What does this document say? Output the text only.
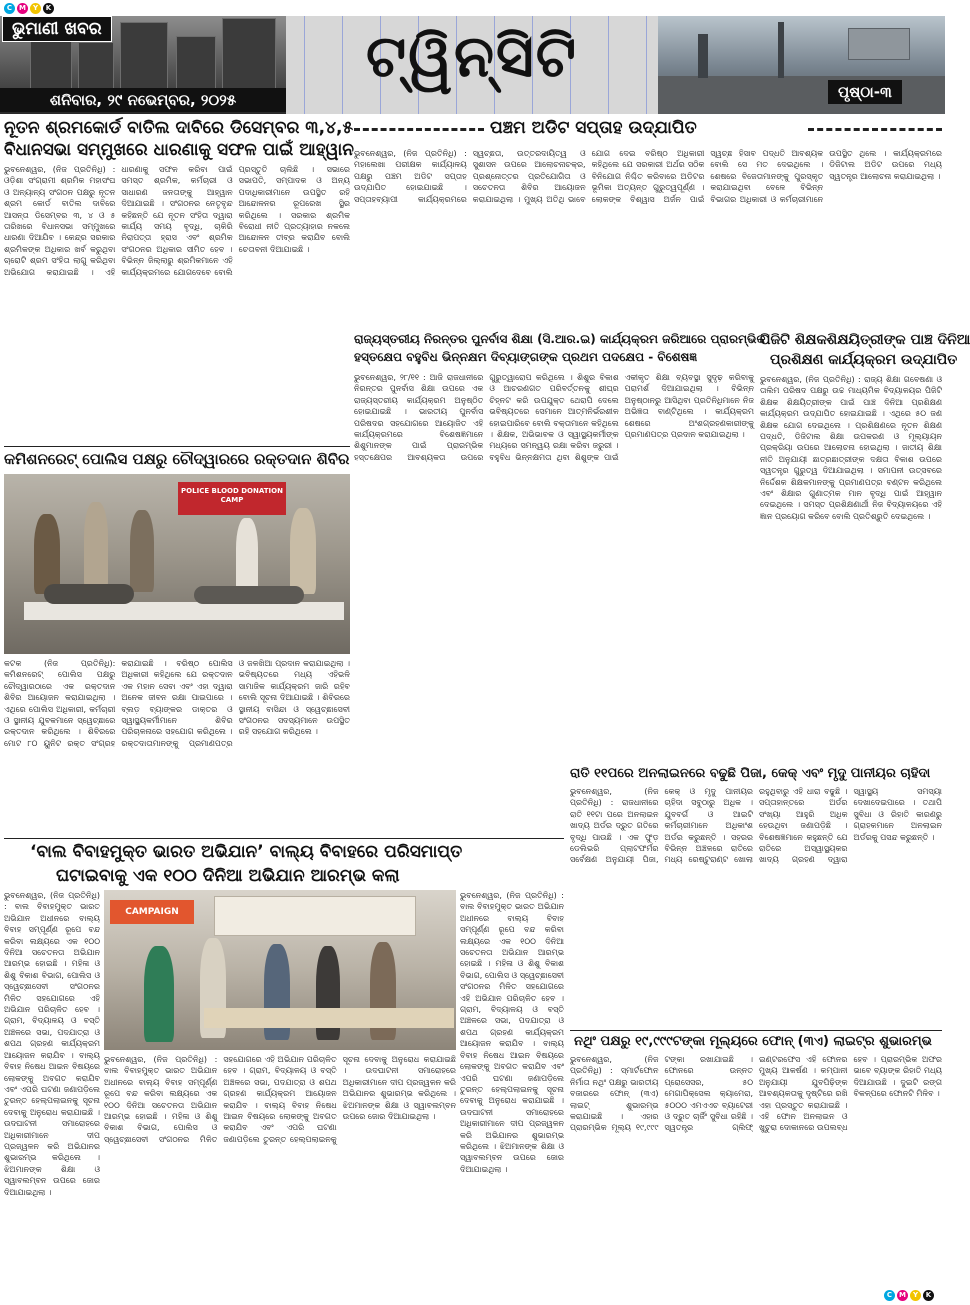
C M Y	K
ଭୁମାଣୀ ଖବର
ଶନିବାର, ୨୯ ନଭେମ୍ବର, ୨୦୨୫
ଟ୍ୱିନ୍‌ସିଟି
ପୃଷ୍ଠା-୩
ନୂତନ ଶ୍ରମକୋର୍ଡ ବାତିଲ ଦାବିରେ ଡିସେମ୍ବର ୩,୪,୫
ବିଧାନସଭା ସମ୍ମୁଖରେ ଧାରଣାକୁ ସଫଳ ପାଇଁ ଆହ୍ୱାନ
ଭୁବନେଶ୍ୱର, (ନିଜ ପ୍ରତିନିଧି) : ଓଡ଼ିଶା ସଂଗ୍ରାମୀ ଶ୍ରମିକ ମହାସଂଘ ଓ ଅନ୍ୟାନ୍ୟ ସଂଗଠନ ପକ୍ଷରୁ ନୂତନ ଶ୍ରମ କୋର୍ଡ ବାତିଲ ଦାବିରେ ଆସନ୍ତା ଡିସେମ୍ବର ୩, ୪ ଓ ୫ ତାରିଖରେ ବିଧାନସଭା ସମ୍ମୁଖରେ ଧାରଣା ଦିଆଯିବ । କେନ୍ଦ୍ର ସରକାର ଶ୍ରମିକଙ୍କ ଅଧିକାର ଖର୍ବ କରୁଥିବା ଚାରୋଟି ଶ୍ରମ ସଂହିତା ଲାଗୁ କରିଥିବା ଅଭିଯୋଗ କରାଯାଇଛି । ଏହି ଧାରଣାକୁ ସଫଳ କରିବା ପାଇଁ ସମସ୍ତ ଶ୍ରମିକ, କର୍ମଚାରୀ ଓ ସାଧାରଣ ଜନତାଙ୍କୁ ଆହ୍ୱାନ ଦିଆଯାଇଛି । ସଂଗଠନର ନେତୃବୃନ୍ଦ କହିଛନ୍ତି ଯେ ନୂତନ ସଂହିତା ଦ୍ୱାରା କାର୍ଯ୍ୟ ସମୟ ବୃଦ୍ଧି, ଚାକିରି ନିରାପତ୍ତା ହ୍ରାସ ଏବଂ ଶ୍ରମିକ ସଂଗଠନର ଅଧିକାର ସୀମିତ ହେବ । ବିଭିନ୍ନ ଜିଲ୍ଲାରୁ ଶ୍ରମିକମାନେ ଏହି କାର୍ଯ୍ୟକ୍ରମରେ ଯୋଗଦେବେ ବୋଲି ପ୍ରସ୍ତୁତି ଚାଲିଛି । ସଭାରେ ସଭାପତି, ସମ୍ପାଦକ ଓ ଅନ୍ୟ ପଦାଧିକାରୀମାନେ ଉପସ୍ଥିତ ରହି ଆନ୍ଦୋଳନର ରୂପରେଖ ସ୍ଥିର କରିଥିଲେ । ସରକାର ଶ୍ରମିକ ବିରୋଧୀ ନୀତି ପ୍ରତ୍ୟାହାର ନକଲେ ଆନ୍ଦୋଳନ ତୀବ୍ର କରାଯିବ ବୋଲି ଚେତାବନୀ ଦିଆଯାଇଛି ।
ପଞ୍ଚମ ଅଡିଟ ସପ୍ତାହ ଉଦ୍‌ଯାପିତ
ଭୁବନେଶ୍ୱର, (ନିଜ ପ୍ରତିନିଧି) : ମହାଲେଖା ପରୀକ୍ଷକ କାର୍ଯ୍ୟାଳୟ ପକ୍ଷରୁ ପଞ୍ଚମ ଅଡିଟ ସପ୍ତାହ ଉଦ୍‌ଯାପିତ ହୋଇଯାଇଛି । ସପ୍ତାହବ୍ୟାପୀ କାର୍ଯ୍ୟକ୍ରମରେ ସ୍ୱଚ୍ଛତା, ଉତ୍ତରଦାୟିତ୍ୱ ଓ ସୁଶାସନ ଉପରେ ଆଲୋଚନାଚକ୍ର, ପ୍ରଶ୍ନୋତ୍ତର ପ୍ରତିଯୋଗିତା ଓ ସଚେତନତା ଶିବିର ଆୟୋଜନ କରାଯାଇଥିଲା । ମୁଖ୍ୟ ଅତିଥି ଭାବେ ଯୋଗ ଦେଇ ବରିଷ୍ଠ ଅଧିକାରୀ କହିଥିଲେ ଯେ ସରକାରୀ ଅର୍ଥର ସଠିକ ବିନିଯୋଗ ନିଶ୍ଚିତ କରିବାରେ ଅଡିଟର ଭୂମିକା ଅତ୍ୟନ୍ତ ଗୁରୁତ୍ୱପୂର୍ଣ୍ଣ । ଲୋକଙ୍କ ବିଶ୍ୱାସ ଅର୍ଜନ ପାଇଁ ସ୍ୱଚ୍ଛ ହିସାବ ପଦ୍ଧତି ଆବଶ୍ୟକ ବୋଲି ସେ ମତ ଦେଇଥିଲେ । ଶେଷରେ ବିଜେତାମାନଙ୍କୁ ପୁରସ୍କୃତ କରାଯାଇଥିବା ବେଳେ ବିଭିନ୍ନ ବିଭାଗର ଅଧିକାରୀ ଓ କର୍ମଚାରୀମାନେ ଉପସ୍ଥିତ ଥିଲେ । କାର୍ଯ୍ୟକ୍ରମରେ ଡିଜିଟାଲ ଅଡିଟ ଉପରେ ମଧ୍ୟ ସ୍ୱତନ୍ତ୍ର ଆଲୋଚନା କରାଯାଇଥିଲା ।
ରାଜ୍ୟସ୍ତରୀୟ ନିରନ୍ତର ପୁନର୍ବାସ ଶିକ୍ଷା (ସି.ଆର.ଇ) କାର୍ଯ୍ୟକ୍ରମ ଜରିଆରେ ପ୍ରାରମ୍ଭିକ
ହସ୍ତକ୍ଷେପ ବହୁବିଧ ଭିନ୍ନକ୍ଷମ ଦିବ୍ୟାଙ୍ଗଙ୍କ ପ୍ରଥମ ପଦକ୍ଷେପ - ବିଶେଷଜ୍ଞ
ଭୁବନେଶ୍ୱର, ୨୮/୧୧ : ଆଜି ରାଜଧାନୀରେ ନିରନ୍ତର ପୁନର୍ବାସ ଶିକ୍ଷା ଉପରେ ଏକ ରାଜ୍ୟସ୍ତରୀୟ କାର୍ଯ୍ୟକ୍ରମ ଅନୁଷ୍ଠିତ ହୋଇଯାଇଛି । ଭାରତୀୟ ପୁନର୍ବାସ ପରିଷଦର ସହଯୋଗରେ ଆୟୋଜିତ ଏହି କାର୍ଯ୍ୟକ୍ରମରେ ବିଶେଷଜ୍ଞମାନେ ଶିଶୁମାନଙ୍କ ପାଇଁ ପ୍ରାରମ୍ଭିକ ହସ୍ତକ୍ଷେପର ଆବଶ୍ୟକତା ଉପରେ ଗୁରୁତ୍ୱାରୋପ କରିଥିଲେ । ଶିଶୁର ବିକାଶ ଓ ଆଚରଣଗତ ପରିବର୍ତ୍ତନକୁ ଶୀଘ୍ର ଚିହ୍ନଟ କରି ଉପଯୁକ୍ତ ଥେରାପି ଦେଲେ ଭବିଷ୍ୟତରେ ସେମାନେ ଆତ୍ମନିର୍ଭରଶୀଳ ହୋଇପାରିବେ ବୋଲି ବକ୍ତାମାନେ କହିଥିଲେ । ଶିକ୍ଷକ, ଅଭିଭାବକ ଓ ସ୍ୱାସ୍ଥ୍ୟକର୍ମୀଙ୍କ ମଧ୍ୟରେ ସମନ୍ୱୟ ରକ୍ଷା କରିବା ଜରୁରୀ । ବହୁବିଧ ଭିନ୍ନକ୍ଷମତା ଥିବା ଶିଶୁଙ୍କ ପାଇଁ ଏକୀକୃତ ଶିକ୍ଷା ବ୍ୟବସ୍ଥା ସୁଦୃଢ଼ କରିବାକୁ ପରାମର୍ଶ ଦିଆଯାଇଥିଲା । ବିଭିନ୍ନ ଅନୁଷ୍ଠାନରୁ ଆସିଥିବା ପ୍ରତିନିଧିମାନେ ନିଜ ଅଭିଜ୍ଞତା ବାଣ୍ଟିଥିଲେ । କାର୍ଯ୍ୟକ୍ରମ ଶେଷରେ ଅଂଶଗ୍ରହଣକାରୀଙ୍କୁ ପ୍ରମାଣପତ୍ର ପ୍ରଦାନ କରାଯାଇଥିଲା ।
ପିଜିଟି ଶିକ୍ଷକଶିକ୍ଷୟିତ୍ରୀଙ୍କ ପାଞ୍ଚ ଦିନିଆ
ପ୍ରଶିକ୍ଷଣ କାର୍ଯ୍ୟକ୍ରମ ଉଦ୍‌ଯାପିତ
ଭୁବନେଶ୍ୱର, (ନିଜ ପ୍ରତିନିଧି) : ରାଜ୍ୟ ଶିକ୍ଷା ଗବେଷଣା ଓ ତାଲିମ ପରିଷଦ ପକ୍ଷରୁ ଉଚ୍ଚ ମାଧ୍ୟମିକ ବିଦ୍ୟାଳୟର ପିଜିଟି ଶିକ୍ଷକ ଶିକ୍ଷୟିତ୍ରୀଙ୍କ ପାଇଁ ପାଞ୍ଚ ଦିନିଆ ପ୍ରଶିକ୍ଷଣ କାର୍ଯ୍ୟକ୍ରମ ଉଦ୍‌ଯାପିତ ହୋଇଯାଇଛି । ଏଥିରେ ୫୦ ଜଣ ଶିକ୍ଷକ ଯୋଗ ଦେଇଥିଲେ । ପ୍ରଶିକ୍ଷଣରେ ନୂତନ ଶିକ୍ଷଣ ପଦ୍ଧତି, ଡିଜିଟାଲ ଶିକ୍ଷା ଉପକରଣ ଓ ମୂଲ୍ୟାୟନ ପ୍ରକ୍ରିୟା ଉପରେ ଆଲୋଚନା ହୋଇଥିଲା । ଜାତୀୟ ଶିକ୍ଷା ନୀତି ଅନୁଯାୟୀ ଛାତ୍ରଛାତ୍ରୀଙ୍କ ଦକ୍ଷତା ବିକାଶ ଉପରେ ସ୍ୱତନ୍ତ୍ର ଗୁରୁତ୍ୱ ଦିଆଯାଇଥିଲା । ସମାପନୀ ଉତ୍ସବରେ ନିର୍ଦ୍ଦେଶକ ଶିକ୍ଷକମାନଙ୍କୁ ପ୍ରମାଣପତ୍ର ବଣ୍ଟନ କରିଥିଲେ ଏବଂ ଶିକ୍ଷାର ଗୁଣାତ୍ମକ ମାନ ବୃଦ୍ଧି ପାଇଁ ଆହ୍ୱାନ ଦେଇଥିଲେ । ସମସ୍ତ ପ୍ରଶିକ୍ଷଣାର୍ଥୀ ନିଜ ବିଦ୍ୟାଳୟରେ ଏହି ଜ୍ଞାନ ପ୍ରୟୋଗ କରିବେ ବୋଲି ପ୍ରତିଶ୍ରୁତି ଦେଇଥିଲେ ।
କମିଶନରେଟ୍ ପୋଲିସ ପକ୍ଷରୁ ଚୌଦ୍ୱାରରେ ରକ୍ତଦାନ ଶିବିର
POLICE BLOOD DONATION CAMP
କଟକ (ନିଜ ପ୍ରତିନିଧି): କମିଶନରେଟ୍ ପୋଲିସ ପକ୍ଷରୁ ଚୌଦ୍ୱାରଠାରେ ଏକ ରକ୍ତଦାନ ଶିବିର ଆୟୋଜନ କରାଯାଇଥିଲା । ଏଥିରେ ପୋଲିସ ଅଧିକାରୀ, କର୍ମଚାରୀ ଓ ସ୍ଥାନୀୟ ଯୁବକମାନେ ସ୍ୱେଚ୍ଛାରେ ରକ୍ତଦାନ କରିଥିଲେ । ଶିବିରରେ ମୋଟ ୮୦ ୟୁନିଟ ରକ୍ତ ସଂଗ୍ରହ କରାଯାଇଛି । ବରିଷ୍ଠ ପୋଲିସ ଅଧିକାରୀ କହିଥିଲେ ଯେ ରକ୍ତଦାନ ଏକ ମହାନ ସେବା ଏବଂ ଏହା ଦ୍ୱାରା ଅନେକ ଜୀବନ ରକ୍ଷା ପାଇପାରେ । ବ୍ଲଡ଼ ବ୍ୟାଙ୍କର ଡାକ୍ତର ଓ ସ୍ୱାସ୍ଥ୍ୟକର୍ମୀମାନେ ଶିବିର ପରିଚାଳନାରେ ସହଯୋଗ କରିଥିଲେ । ରକ୍ତଦାତାମାନଙ୍କୁ ପ୍ରମାଣପତ୍ର ଓ ଜଳଖିଆ ପ୍ରଦାନ କରାଯାଇଥିଲା । ଭବିଷ୍ୟତରେ ମଧ୍ୟ ଏହିଭଳି ସାମାଜିକ କାର୍ଯ୍ୟକ୍ରମ ଜାରି ରହିବ ବୋଲି ସୂଚନା ଦିଆଯାଇଛି । ଶିବିରରେ ସ୍ଥାନୀୟ ବାସିନ୍ଦା ଓ ସ୍ୱେଚ୍ଛାସେବୀ ସଂଗଠନର ସଦସ୍ୟମାନେ ଉପସ୍ଥିତ ରହି ସହଯୋଗ କରିଥିଲେ ।
ରାତି ୧୧ପରେ ଅନଲାଇନରେ ବଢୁଛି ପିଜା, କେକ୍ ଏବଂ ମୃଦୁ ପାନୀୟର ଚାହିଦା
ଭୁବନେଶ୍ୱର, (ନିଜ ପ୍ରତିନିଧି) : ରାଜଧାନୀରେ ରାତି ୧୧ଟା ପରେ ଅନଲାଇନ ଖାଦ୍ୟ ଅର୍ଡର ଦ୍ରୁତ ଗତିରେ ବୃଦ୍ଧି ପାଉଛି । ଏକ ଫୁଡ଼ ଡେଲିଭରି ପ୍ଲାଟଫର୍ମର ସର୍ବେକ୍ଷଣ ଅନୁଯାୟୀ ପିଜା, କେକ୍ ଓ ମୃଦୁ ପାନୀୟର ଚାହିଦା ସବୁଠାରୁ ଅଧିକ । ଯୁବବର୍ଗ ଓ ଆଇଟି କର୍ମଚାରୀମାନେ ଅଧିକାଂଶ ଅର୍ଡର କରୁଛନ୍ତି । ସହରର ବିଭିନ୍ନ ଅଞ୍ଚଳରେ ରାତିରେ ମଧ୍ୟ ରେଷ୍ଟୁରାଣ୍ଟ ଖୋଲା ରହୁଥିବାରୁ ଏହି ଧାରା ବଢୁଛି । ସପ୍ତାହାନ୍ତରେ ଅର୍ଡର ସଂଖ୍ୟା ଆହୁରି ଅଧିକ ହେଉଥିବା ଜଣାପଡ଼ିଛି । ବିଶେଷଜ୍ଞମାନେ କହୁଛନ୍ତି ଯେ ରାତିରେ ଅସ୍ୱାସ୍ଥ୍ୟକର ଖାଦ୍ୟ ଗ୍ରହଣ ଦ୍ୱାରା ସ୍ୱାସ୍ଥ୍ୟ ସମସ୍ୟା ଦେଖାଦେଇପାରେ । ତଥାପି ସୁବିଧା ଓ ରିହାତି କାରଣରୁ ଗ୍ରାହକମାନେ ଅନଲାଇନ ଅର୍ଡରକୁ ପସନ୍ଦ କରୁଛନ୍ତି ।
‘ବାଲ ବିବାହମୁକ୍ତ ଭାରତ ଅଭିଯାନ’ ବାଲ୍ୟ ବିବାହରେ ପରିସମାପ୍ତ
ଘଟାଇବାକୁ ଏକ ୧୦୦ ଦିନିଆ ଅଭିଯାନ ଆରମ୍ଭ କଲା
ଭୁବନେଶ୍ୱର, (ନିଜ ପ୍ରତିନିଧି) : ବାଲ ବିବାହମୁକ୍ତ ଭାରତ ଅଭିଯାନ ଅଧୀନରେ ବାଲ୍ୟ ବିବାହ ସମ୍ପୂର୍ଣ୍ଣ ରୂପେ ବନ୍ଦ କରିବା ଲକ୍ଷ୍ୟରେ ଏକ ୧୦୦ ଦିନିଆ ସଚେତନତା ଅଭିଯାନ ଆରମ୍ଭ ହୋଇଛି । ମହିଳା ଓ ଶିଶୁ ବିକାଶ ବିଭାଗ, ପୋଲିସ ଓ ସ୍ୱେଚ୍ଛାସେବୀ ସଂଗଠନର ମିଳିତ ସହଯୋଗରେ ଏହି ଅଭିଯାନ ପରିଚାଳିତ ହେବ । ଗ୍ରାମ, ବିଦ୍ୟାଳୟ ଓ ବସ୍ତି ଅଞ୍ଚଳରେ ସଭା, ପଦଯାତ୍ରା ଓ ଶପଥ ଗ୍ରହଣ କାର୍ଯ୍ୟକ୍ରମ ଆୟୋଜନ କରାଯିବ । ବାଲ୍ୟ ବିବାହ ନିଷେଧ ଆଇନ ବିଷୟରେ ଲୋକଙ୍କୁ ଅବଗତ କରାଯିବ ଏବଂ ଏପରି ଘଟଣା ଜଣାପଡ଼ିଲେ ତୁରନ୍ତ ହେଲ୍ପଲାଇନକୁ ସୂଚନା ଦେବାକୁ ଅନୁରୋଧ କରାଯାଇଛି । ଉଦଘାଟନୀ ସମାରୋହରେ ଅଧିକାରୀମାନେ ଦୀପ ପ୍ରଜ୍ୱଳନ କରି ଅଭିଯାନର ଶୁଭାରମ୍ଭ କରିଥିଲେ । ଝିଅମାନଙ୍କ ଶିକ୍ଷା ଓ ସ୍ୱାବଲମ୍ବନ ଉପରେ ଜୋର ଦିଆଯାଇଥିଲା ।
CAMPAIGN
ଭୁବନେଶ୍ୱର, (ନିଜ ପ୍ରତିନିଧି) : ବାଲ ବିବାହମୁକ୍ତ ଭାରତ ଅଭିଯାନ ଅଧୀନରେ ବାଲ୍ୟ ବିବାହ ସମ୍ପୂର୍ଣ୍ଣ ରୂପେ ବନ୍ଦ କରିବା ଲକ୍ଷ୍ୟରେ ଏକ ୧୦୦ ଦିନିଆ ସଚେତନତା ଅଭିଯାନ ଆରମ୍ଭ ହୋଇଛି । ମହିଳା ଓ ଶିଶୁ ବିକାଶ ବିଭାଗ, ପୋଲିସ ଓ ସ୍ୱେଚ୍ଛାସେବୀ ସଂଗଠନର ମିଳିତ ସହଯୋଗରେ ଏହି ଅଭିଯାନ ପରିଚାଳିତ ହେବ । ଗ୍ରାମ, ବିଦ୍ୟାଳୟ ଓ ବସ୍ତି ଅଞ୍ଚଳରେ ସଭା, ପଦଯାତ୍ରା ଓ ଶପଥ ଗ୍ରହଣ କାର୍ଯ୍ୟକ୍ରମ ଆୟୋଜନ କରାଯିବ । ବାଲ୍ୟ ବିବାହ ନିଷେଧ ଆଇନ ବିଷୟରେ ଲୋକଙ୍କୁ ଅବଗତ କରାଯିବ ଏବଂ ଏପରି ଘଟଣା ଜଣାପଡ଼ିଲେ ତୁରନ୍ତ ହେଲ୍ପଲାଇନକୁ ସୂଚନା ଦେବାକୁ ଅନୁରୋଧ କରାଯାଇଛି । ଉଦଘାଟନୀ ସମାରୋହରେ ଅଧିକାରୀମାନେ ଦୀପ ପ୍ରଜ୍ୱଳନ କରି ଅଭିଯାନର ଶୁଭାରମ୍ଭ କରିଥିଲେ । ଝିଅମାନଙ୍କ ଶିକ୍ଷା ଓ ସ୍ୱାବଲମ୍ବନ ଉପରେ ଜୋର ଦିଆଯାଇଥିଲା ।
ଭୁବନେଶ୍ୱର, (ନିଜ ପ୍ରତିନିଧି) : ବାଲ ବିବାହମୁକ୍ତ ଭାରତ ଅଭିଯାନ ଅଧୀନରେ ବାଲ୍ୟ ବିବାହ ସମ୍ପୂର୍ଣ୍ଣ ରୂପେ ବନ୍ଦ କରିବା ଲକ୍ଷ୍ୟରେ ଏକ ୧୦୦ ଦିନିଆ ସଚେତନତା ଅଭିଯାନ ଆରମ୍ଭ ହୋଇଛି । ମହିଳା ଓ ଶିଶୁ ବିକାଶ ବିଭାଗ, ପୋଲିସ ଓ ସ୍ୱେଚ୍ଛାସେବୀ ସଂଗଠନର ମିଳିତ ସହଯୋଗରେ ଏହି ଅଭିଯାନ ପରିଚାଳିତ ହେବ । ଗ୍ରାମ, ବିଦ୍ୟାଳୟ ଓ ବସ୍ତି ଅଞ୍ଚଳରେ ସଭା, ପଦଯାତ୍ରା ଓ ଶପଥ ଗ୍ରହଣ କାର୍ଯ୍ୟକ୍ରମ ଆୟୋଜନ କରାଯିବ । ବାଲ୍ୟ ବିବାହ ନିଷେଧ ଆଇନ ବିଷୟରେ ଲୋକଙ୍କୁ ଅବଗତ କରାଯିବ ଏବଂ ଏପରି ଘଟଣା ଜଣାପଡ଼ିଲେ ତୁରନ୍ତ ହେଲ୍ପଲାଇନକୁ ସୂଚନା ଦେବାକୁ ଅନୁରୋଧ କରାଯାଇଛି । ଉଦଘାଟନୀ ସମାରୋହରେ ଅଧିକାରୀମାନେ ଦୀପ ପ୍ରଜ୍ୱଳନ କରି ଅଭିଯାନର ଶୁଭାରମ୍ଭ କରିଥିଲେ । ଝିଅମାନଙ୍କ ଶିକ୍ଷା ଓ ସ୍ୱାବଲମ୍ବନ ଉପରେ ଜୋର ଦିଆଯାଇଥିଲା ।
ନଥିଂ ପକ୍ଷରୁ ୧୯,୯୯୯ଟଙ୍କା ମୂଲ୍ୟରେ ଫୋନ୍ (୩ଏ) ଲାଇଟ୍‌ର ଶୁଭାରମ୍ଭ
ଭୁବନେଶ୍ୱର, (ନିଜ ପ୍ରତିନିଧି) : ସ୍ମାର୍ଟଫୋନ ନିର୍ମାତା ନଥିଂ ପକ୍ଷରୁ ଭାରତୀୟ ବଜାରରେ ଫୋନ୍ (୩ଏ) ଲାଇଟ୍ ଶୁଭାରମ୍ଭ କରାଯାଇଛି । ଏହାର ପ୍ରାରମ୍ଭିକ ମୂଲ୍ୟ ୧୯,୯୯୯ ଟଙ୍କା ରଖାଯାଇଛି । ଫୋନରେ ଉନ୍ନତ ପ୍ରୋସେସର, ୫୦ ମେଗାପିକ୍ସେଲ କ୍ୟାମେରା, ୫୦୦୦ ଏମଏଏଚ ବ୍ୟାଟେରୀ ଓ ଦ୍ରୁତ ଚାର୍ଜିଂ ସୁବିଧା ରହିଛି । ସ୍ୱତନ୍ତ୍ର ଗ୍ଲିଫ୍ ଇଣ୍ଟରଫେସ ଏହି ଫୋନର ମୁଖ୍ୟ ଆକର୍ଷଣ । କମ୍ପାନୀ ଅନୁଯାୟୀ ଯୁବପିଢ଼ିଙ୍କ ଆବଶ୍ୟକତାକୁ ଦୃଷ୍ଟିରେ ରଖି ଏହା ପ୍ରସ୍ତୁତ କରାଯାଇଛି । ଏହି ଫୋନ ଅନଲାଇନ ଓ ଖୁଚୁରା ଦୋକାନରେ ଉପଲବ୍ଧ ହେବ । ପ୍ରାରମ୍ଭିକ ଅଫର ଭାବେ ବ୍ୟାଙ୍କ ରିହାତି ମଧ୍ୟ ଦିଆଯାଉଛି । ଦୁଇଟି ରଙ୍ଗ ବିକଳ୍ପରେ ଫୋନଟି ମିଳିବ ।
C M Y	K
